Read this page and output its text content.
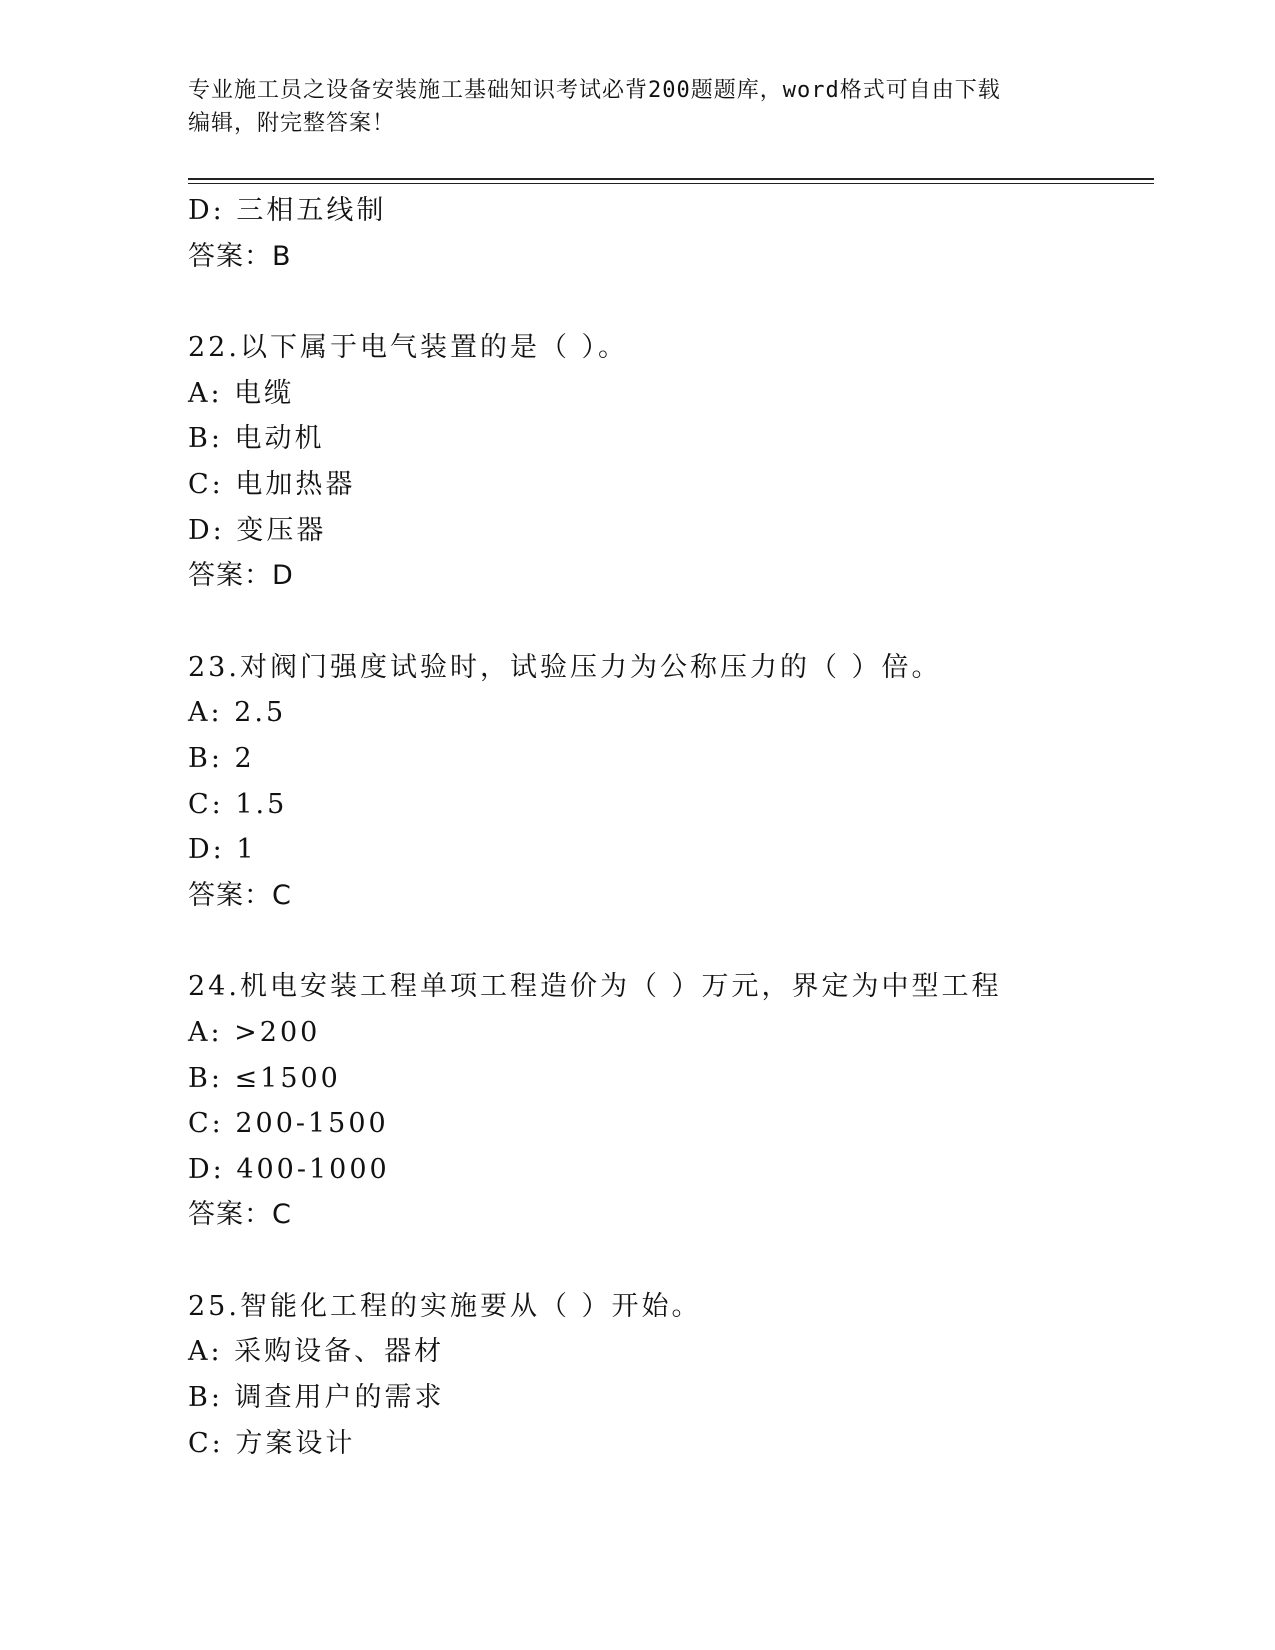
专业施工员之设备安装施工基础知识考试必背200题题库，word格式可自由下载
编辑，附完整答案！
D: 三相五线制
答案：B
22.以下属于电气装置的是（ ）。
A: 电缆
B: 电动机
C: 电加热器
D: 变压器
答案：D
23.对阀门强度试验时，试验压力为公称压力的（ ）倍。
A: 2.5
B: 2
C: 1.5
D: 1
答案：C
24.机电安装工程单项工程造价为（ ）万元，界定为中型工程
A: >200
B: ≤1500
C: 200-1500
D: 400-1000
答案：C
25.智能化工程的实施要从（ ）开始。
A: 采购设备、器材
B: 调查用户的需求
C: 方案设计
